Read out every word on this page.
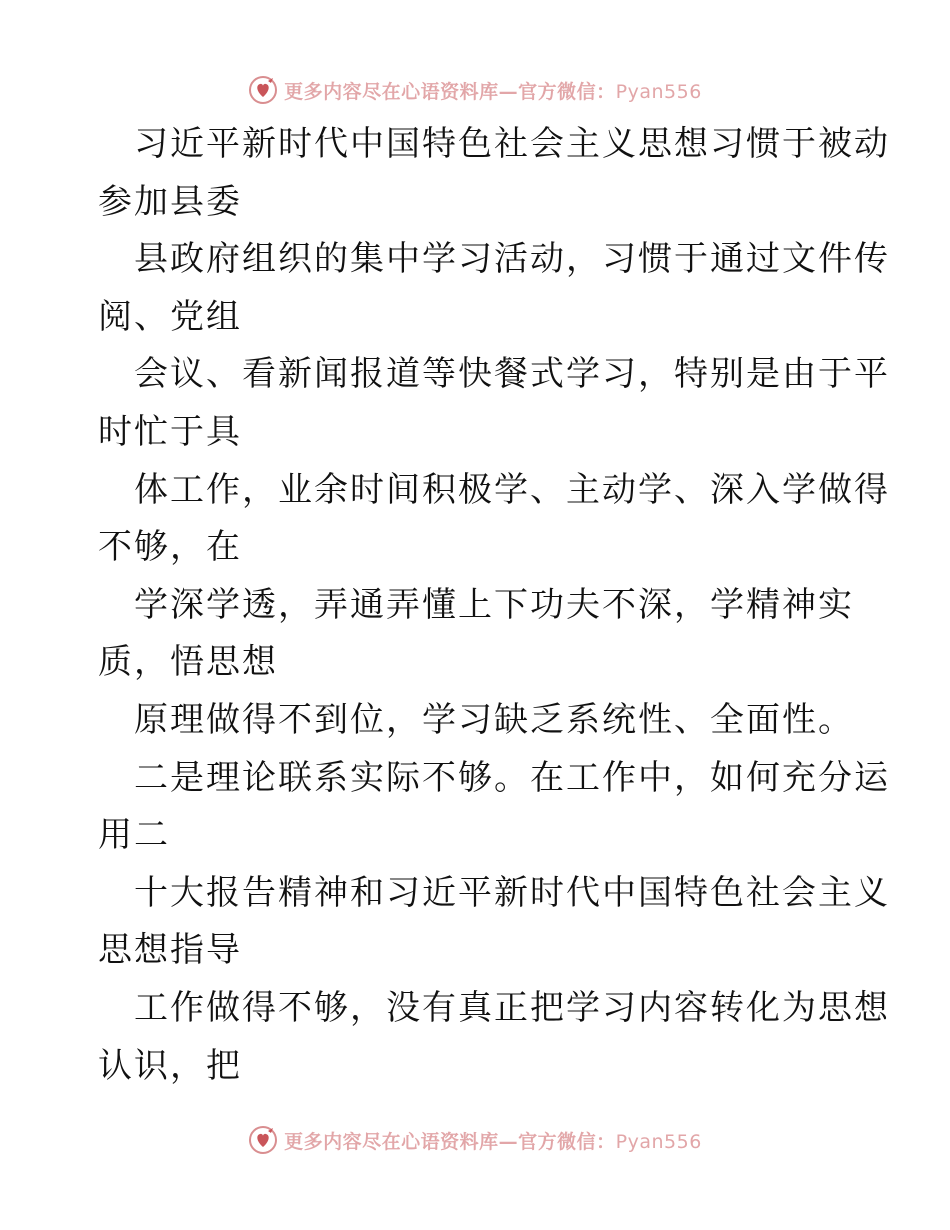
更多内容尽在心语资料库—官方微信：Pyan556
习近平新时代中国特色社会主义思想习惯于被动
参加县委
县政府组织的集中学习活动，习惯于通过文件传
阅、党组
会议、看新闻报道等快餐式学习，特别是由于平
时忙于具
体工作，业余时间积极学、主动学、深入学做得
不够，在
学深学透，弄通弄懂上下功夫不深，学精神实
质，悟思想
原理做得不到位，学习缺乏系统性、全面性。
二是理论联系实际不够。在工作中，如何充分运
用二
十大报告精神和习近平新时代中国特色社会主义
思想指导
工作做得不够，没有真正把学习内容转化为思想
认识，把
更多内容尽在心语资料库—官方微信：Pyan556
